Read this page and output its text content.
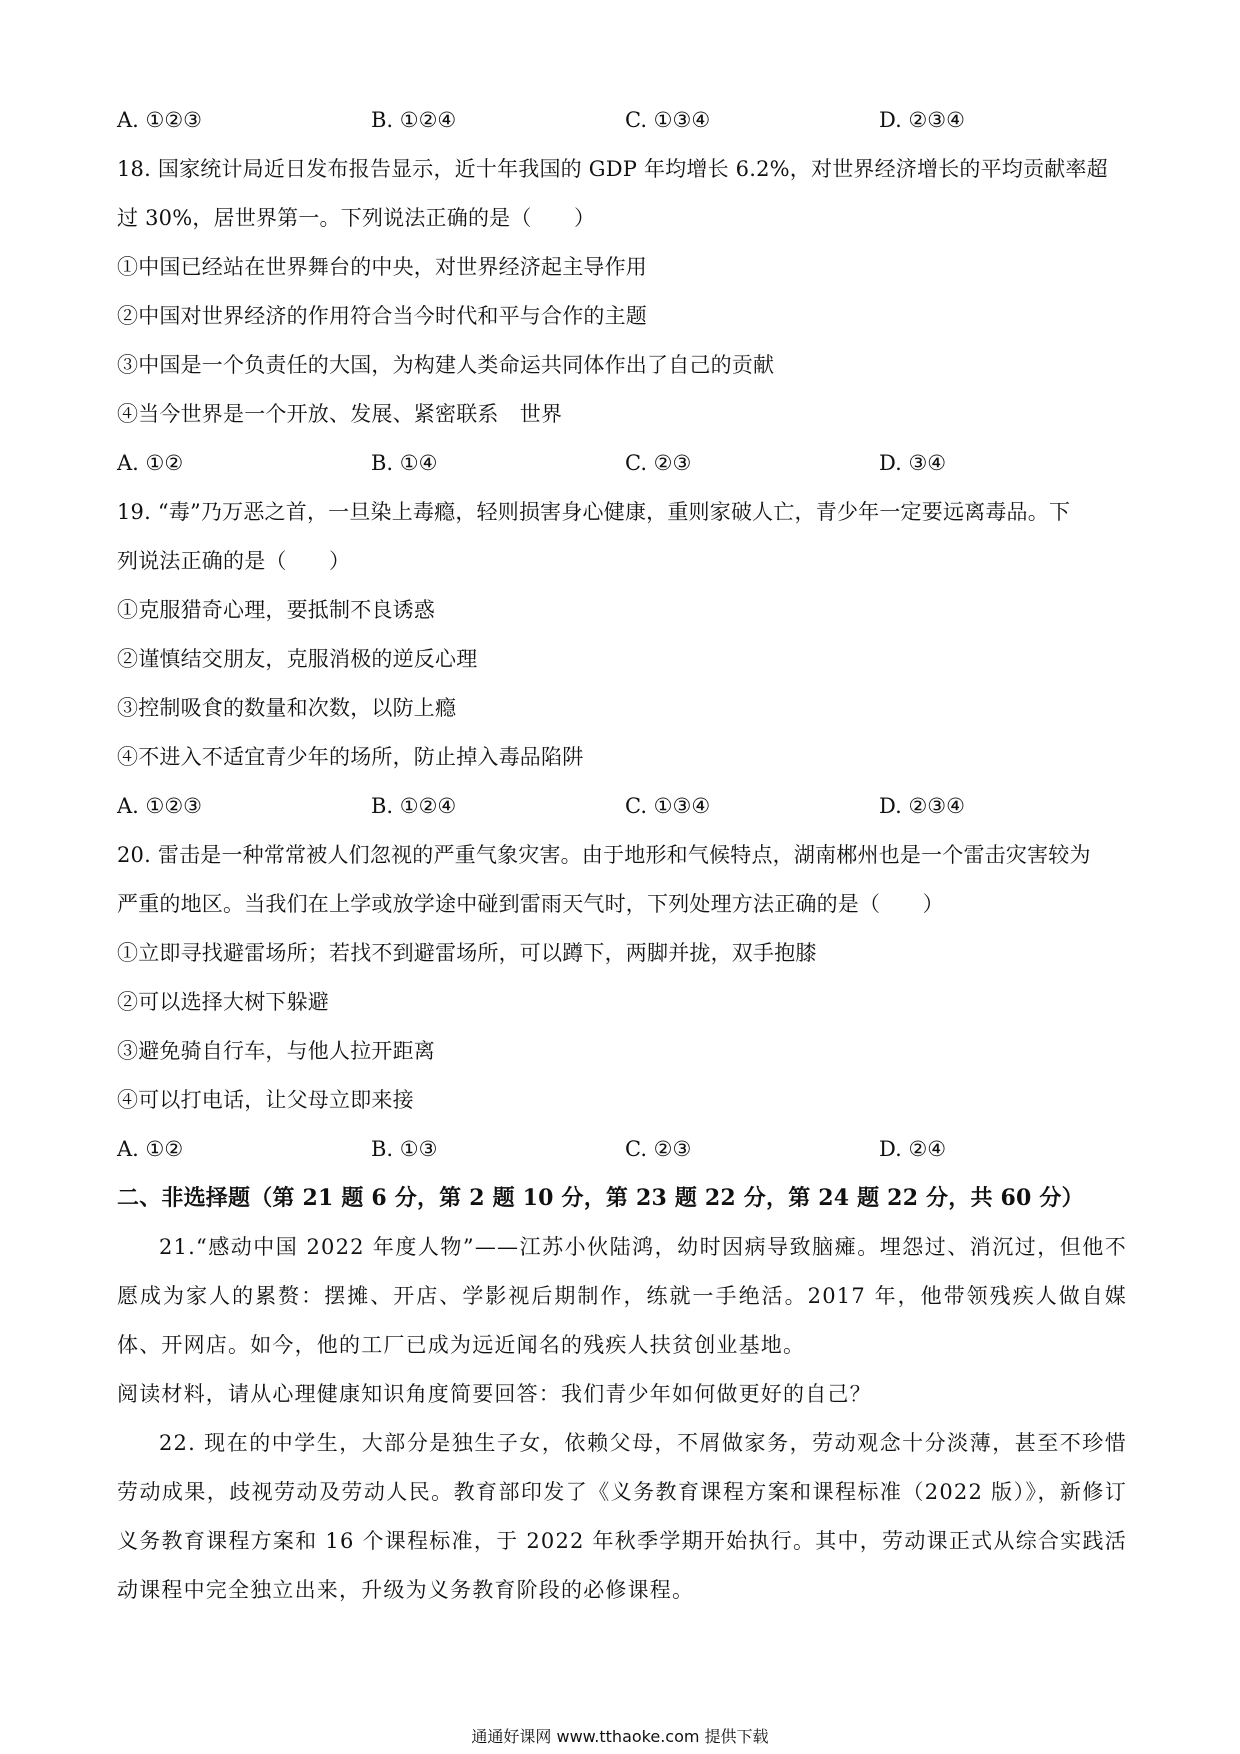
A. ①②③	B. ①②④	C. ①③④	D. ②③④
18. 国家统计局近日发布报告显示，近十年我国的 GDP 年均增长 6.2%，对世界经济增长的平均贡献率超
过 30%，居世界第一。下列说法正确的是（　　）
①中国已经站在世界舞台的中央，对世界经济起主导作用
②中国对世界经济的作用符合当今时代和平与合作的主题
③中国是一个负责任的大国，为构建人类命运共同体作出了自己的贡献
④当今世界是一个开放、发展、紧密联系　世界
A. ①②	B. ①④	C. ②③	D. ③④
19. “毒”乃万恶之首，一旦染上毒瘾，轻则损害身心健康，重则家破人亡，青少年一定要远离毒品。下
列说法正确的是（　　）
①克服猎奇心理，要抵制不良诱惑
②谨慎结交朋友，克服消极的逆反心理
③控制吸食的数量和次数，以防上瘾
④不进入不适宜青少年的场所，防止掉入毒品陷阱
A. ①②③	B. ①②④	C. ①③④	D. ②③④
20. 雷击是一种常常被人们忽视的严重气象灾害。由于地形和气候特点，湖南郴州也是一个雷击灾害较为
严重的地区。当我们在上学或放学途中碰到雷雨天气时，下列处理方法正确的是（　　）
①立即寻找避雷场所；若找不到避雷场所，可以蹲下，两脚并拢，双手抱膝
②可以选择大树下躲避
③避免骑自行车，与他人拉开距离
④可以打电话，让父母立即来接
A. ①②	B. ①③	C. ②③	D. ②④
二、非选择题（第 21 题 6 分，第 2 题 10 分，第 23 题 22 分，第 24 题 22 分，共 60 分）

21.“感动中国 2022 年度人物”——江苏小伙陆鸿，幼时因病导致脑瘫。埋怨过、消沉过，但他不愿成为家人的累赘：摆摊、开店、学影视后期制作，练就一手绝活。2017 年，他带领残疾人做自媒体、开网店。如今，他的工厂已成为远近闻名的残疾人扶贫创业基地。

阅读材料，请从心理健康知识角度简要回答：我们青少年如何做更好的自己？

22. 现在的中学生，大部分是独生子女，依赖父母，不屑做家务，劳动观念十分淡薄，甚至不珍惜劳动成果，歧视劳动及劳动人民。教育部印发了《义务教育课程方案和课程标准（2022 版）》，新修订义务教育课程方案和 16 个课程标准，于 2022 年秋季学期开始执行。其中，劳动课正式从综合实践活动课程中完全独立出来，升级为义务教育阶段的必修课程。

通通好课网 www.tthaoke.com 提供下载
